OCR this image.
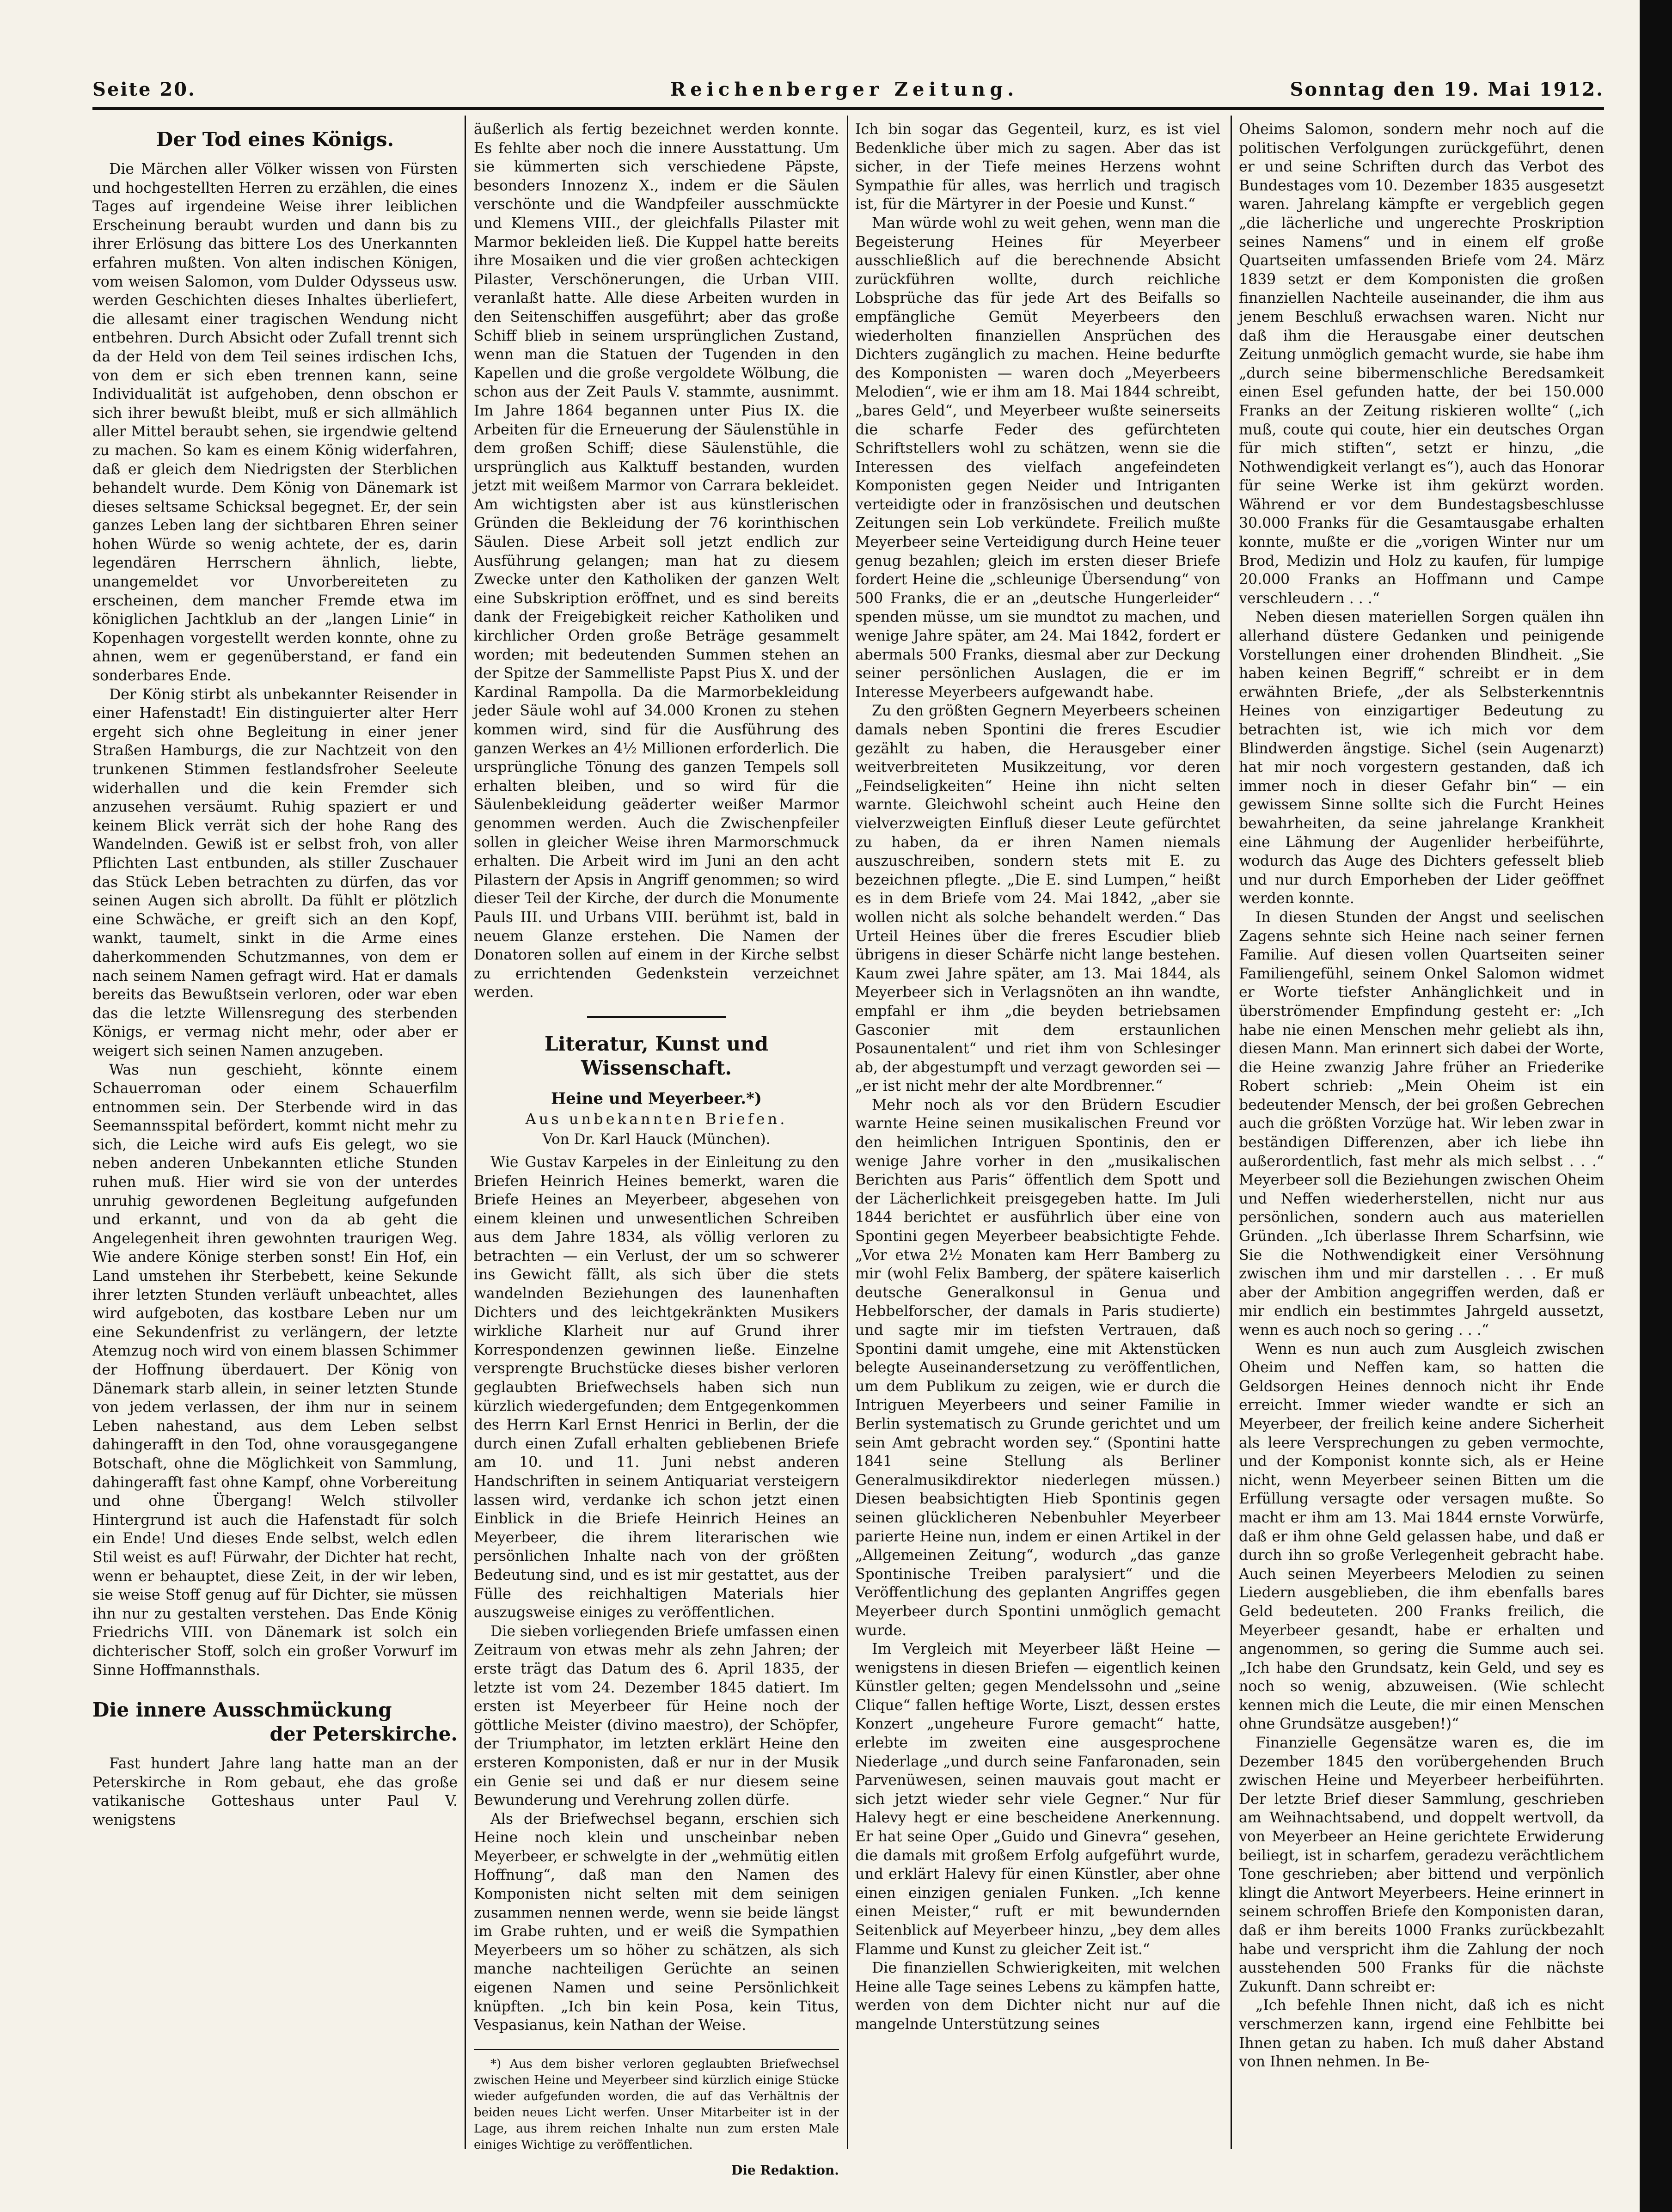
Seite 20.	Reichenberger Zeitung.	Sonntag den 19. Mai 1912.
Der Tod eines Königs.

Die Märchen aller Völker wissen von Fürsten und hochgestellten Herren zu erzählen, die eines Tages auf irgendeine Weise ihrer leiblichen Erscheinung beraubt wurden und dann bis zu ihrer Erlösung das bittere Los des Unerkannten erfahren mußten. Von alten indischen Königen, vom weisen Salomon, vom Dulder Odysseus usw. werden Geschichten dieses Inhaltes überliefert, die allesamt einer tragischen Wendung nicht entbehren. Durch Absicht oder Zufall trennt sich da der Held von dem Teil seines irdischen Ichs, von dem er sich eben trennen kann, seine Individualität ist aufgehoben, denn obschon er sich ihrer bewußt bleibt, muß er sich allmählich aller Mittel beraubt sehen, sie irgendwie geltend zu machen. So kam es einem König widerfahren, daß er gleich dem Niedrigsten der Sterblichen behandelt wurde. Dem König von Dänemark ist dieses seltsame Schicksal begegnet. Er, der sein ganzes Leben lang der sichtbaren Ehren seiner hohen Würde so wenig achtete, der es, darin legendären Herrschern ähnlich, liebte, unangemeldet vor Unvorbereiteten zu erscheinen, dem mancher Fremde etwa im königlichen Jachtklub an der „langen Linie“ in Kopenhagen vorgestellt werden konnte, ohne zu ahnen, wem er gegenüberstand, er fand ein sonderbares Ende.

Der König stirbt als unbekannter Reisender in einer Hafenstadt! Ein distinguierter alter Herr ergeht sich ohne Begleitung in einer jener Straßen Hamburgs, die zur Nachtzeit von den trunkenen Stimmen festlandsfroher Seeleute widerhallen und die kein Fremder sich anzusehen versäumt. Ruhig spaziert er und keinem Blick verrät sich der hohe Rang des Wandelnden. Gewiß ist er selbst froh, von aller Pflichten Last entbunden, als stiller Zuschauer das Stück Leben betrachten zu dürfen, das vor seinen Augen sich abrollt. Da fühlt er plötzlich eine Schwäche, er greift sich an den Kopf, wankt, taumelt, sinkt in die Arme eines daherkommenden Schutzmannes, von dem er nach seinem Namen gefragt wird. Hat er damals bereits das Bewußtsein verloren, oder war eben das die letzte Willensregung des sterbenden Königs, er vermag nicht mehr, oder aber er weigert sich seinen Namen anzugeben.

Was nun geschieht, könnte einem Schauerroman oder einem Schauerfilm entnommen sein. Der Sterbende wird in das Seemannsspital befördert, kommt nicht mehr zu sich, die Leiche wird aufs Eis gelegt, wo sie neben anderen Unbekannten etliche Stunden ruhen muß. Hier wird sie von der unterdes unruhig gewordenen Begleitung aufgefunden und erkannt, und von da ab geht die Angelegenheit ihren gewohnten traurigen Weg. Wie andere Könige sterben sonst! Ein Hof, ein Land umstehen ihr Sterbebett, keine Sekunde ihrer letzten Stunden verläuft unbeachtet, alles wird aufgeboten, das kostbare Leben nur um eine Sekundenfrist zu verlängern, der letzte Atemzug noch wird von einem blassen Schimmer der Hoffnung überdauert. Der König von Dänemark starb allein, in seiner letzten Stunde von jedem verlassen, der ihm nur in seinem Leben nahestand, aus dem Leben selbst dahingerafft in den Tod, ohne vorausgegangene Botschaft, ohne die Möglichkeit von Sammlung, dahingerafft fast ohne Kampf, ohne Vorbereitung und ohne Übergang! Welch stilvoller Hintergrund ist auch die Hafenstadt für solch ein Ende! Und dieses Ende selbst, welch edlen Stil weist es auf! Fürwahr, der Dichter hat recht, wenn er behauptet, diese Zeit, in der wir leben, sie weise Stoff genug auf für Dichter, sie müssen ihn nur zu gestalten verstehen. Das Ende König Friedrichs VIII. von Dänemark ist solch ein dichterischer Stoff, solch ein großer Vorwurf im Sinne Hoffmannsthals.

Die innere Ausschmückung
der Peterskirche.

Fast hundert Jahre lang hatte man an der Peterskirche in Rom gebaut, ehe das große vatikanische Gotteshaus unter Paul V. wenigstens

äußerlich als fertig bezeichnet werden konnte. Es fehlte aber noch die innere Ausstattung. Um sie kümmerten sich verschiedene Päpste, besonders Innozenz X., indem er die Säulen verschönte und die Wandpfeiler ausschmückte und Klemens VIII., der gleichfalls Pilaster mit Marmor bekleiden ließ. Die Kuppel hatte bereits ihre Mosaiken und die vier großen achteckigen Pilaster, Verschönerungen, die Urban VIII. veranlaßt hatte. Alle diese Arbeiten wurden in den Seitenschiffen ausgeführt; aber das große Schiff blieb in seinem ursprünglichen Zustand, wenn man die Statuen der Tugenden in den Kapellen und die große vergoldete Wölbung, die schon aus der Zeit Pauls V. stammte, ausnimmt. Im Jahre 1864 begannen unter Pius IX. die Arbeiten für die Erneuerung der Säulenstühle in dem großen Schiff; diese Säulenstühle, die ursprünglich aus Kalktuff bestanden, wurden jetzt mit weißem Marmor von Carrara bekleidet. Am wichtigsten aber ist aus künstlerischen Gründen die Bekleidung der 76 korinthischen Säulen. Diese Arbeit soll jetzt endlich zur Ausführung gelangen; man hat zu diesem Zwecke unter den Katholiken der ganzen Welt eine Subskription eröffnet, und es sind bereits dank der Freigebigkeit reicher Katholiken und kirchlicher Orden große Beträge gesammelt worden; mit bedeutenden Summen stehen an der Spitze der Sammelliste Papst Pius X. und der Kardinal Rampolla. Da die Marmorbekleidung jeder Säule wohl auf 34.000 Kronen zu stehen kommen wird, sind für die Ausführung des ganzen Werkes an 4½ Millionen erforderlich. Die ursprüngliche Tönung des ganzen Tempels soll erhalten bleiben, und so wird für die Säulenbekleidung geäderter weißer Marmor genommen werden. Auch die Zwischenpfeiler sollen in gleicher Weise ihren Marmorschmuck erhalten. Die Arbeit wird im Juni an den acht Pilastern der Apsis in Angriff genommen; so wird dieser Teil der Kirche, der durch die Monumente Pauls III. und Urbans VIII. berühmt ist, bald in neuem Glanze erstehen. Die Namen der Donatoren sollen auf einem in der Kirche selbst zu errichtenden Gedenkstein verzeichnet werden.

Literatur, Kunst und Wissenschaft.
Heine und Meyerbeer.*)
Aus unbekannten Briefen.
Von Dr. Karl Hauck (München).

Wie Gustav Karpeles in der Einleitung zu den Briefen Heinrich Heines bemerkt, waren die Briefe Heines an Meyerbeer, abgesehen von einem kleinen und unwesentlichen Schreiben aus dem Jahre 1834, als völlig verloren zu betrachten — ein Verlust, der um so schwerer ins Gewicht fällt, als sich über die stets wandelnden Beziehungen des launenhaften Dichters und des leichtgekränkten Musikers wirkliche Klarheit nur auf Grund ihrer Korrespondenzen gewinnen ließe. Einzelne versprengte Bruchstücke dieses bisher verloren geglaubten Briefwechsels haben sich nun kürzlich wiedergefunden; dem Entgegenkommen des Herrn Karl Ernst Henrici in Berlin, der die durch einen Zufall erhalten gebliebenen Briefe am 10. und 11. Juni nebst anderen Handschriften in seinem Antiquariat versteigern lassen wird, verdanke ich schon jetzt einen Einblick in die Briefe Heinrich Heines an Meyerbeer, die ihrem literarischen wie persönlichen Inhalte nach von der größten Bedeutung sind, und es ist mir gestattet, aus der Fülle des reichhaltigen Materials hier auszugsweise einiges zu veröffentlichen.

Die sieben vorliegenden Briefe umfassen einen Zeitraum von etwas mehr als zehn Jahren; der erste trägt das Datum des 6. April 1835, der letzte ist vom 24. Dezember 1845 datiert. Im ersten ist Meyerbeer für Heine noch der göttliche Meister (divino maestro), der Schöpfer, der Triumphator, im letzten erklärt Heine den ersteren Komponisten, daß er nur in der Musik ein Genie sei und daß er nur diesem seine Bewunderung und Verehrung zollen dürfe.

Als der Briefwechsel begann, erschien sich Heine noch klein und unscheinbar neben Meyerbeer, er schwelgte in der „wehmütig eitlen Hoffnung“, daß man den Namen des Komponisten nicht selten mit dem seinigen zusammen nennen werde, wenn sie beide längst im Grabe ruhten, und er weiß die Sympathien Meyerbeers um so höher zu schätzen, als sich manche nachteiligen Gerüchte an seinen eigenen Namen und seine Persönlichkeit knüpften. „Ich bin kein Posa, kein Titus, Vespasianus, kein Nathan der Weise.

*) Aus dem bisher verloren geglaubten Briefwechsel zwischen Heine und Meyerbeer sind kürzlich einige Stücke wieder aufgefunden worden, die auf das Verhältnis der beiden neues Licht werfen. Unser Mitarbeiter ist in der Lage, aus ihrem reichen Inhalte nun zum ersten Male einiges Wichtige zu veröffentlichen.

Die Redaktion.

Ich bin sogar das Gegenteil, kurz, es ist viel Bedenkliche über mich zu sagen. Aber das ist sicher, in der Tiefe meines Herzens wohnt Sympathie für alles, was herrlich und tragisch ist, für die Märtyrer in der Poesie und Kunst.“

Man würde wohl zu weit gehen, wenn man die Begeisterung Heines für Meyerbeer ausschließlich auf die berechnende Absicht zurückführen wollte, durch reichliche Lobsprüche das für jede Art des Beifalls so empfängliche Gemüt Meyerbeers den wiederholten finanziellen Ansprüchen des Dichters zugänglich zu machen. Heine bedurfte des Komponisten — waren doch „Meyerbeers Melodien“, wie er ihm am 18. Mai 1844 schreibt, „bares Geld“, und Meyerbeer wußte seinerseits die scharfe Feder des gefürchteten Schriftstellers wohl zu schätzen, wenn sie die Interessen des vielfach angefeindeten Komponisten gegen Neider und Intriganten verteidigte oder in französischen und deutschen Zeitungen sein Lob verkündete. Freilich mußte Meyerbeer seine Verteidigung durch Heine teuer genug bezahlen; gleich im ersten dieser Briefe fordert Heine die „schleunige Übersendung“ von 500 Franks, die er an „deutsche Hungerleider“ spenden müsse, um sie mundtot zu machen, und wenige Jahre später, am 24. Mai 1842, fordert er abermals 500 Franks, diesmal aber zur Deckung seiner persönlichen Auslagen, die er im Interesse Meyerbeers aufgewandt habe.

Zu den größten Gegnern Meyerbeers scheinen damals neben Spontini die freres Escudier gezählt zu haben, die Herausgeber einer weitverbreiteten Musikzeitung, vor deren „Feindseligkeiten“ Heine ihn nicht selten warnte. Gleichwohl scheint auch Heine den vielverzweigten Einfluß dieser Leute gefürchtet zu haben, da er ihren Namen niemals auszuschreiben, sondern stets mit E. zu bezeichnen pflegte. „Die E. sind Lumpen,“ heißt es in dem Briefe vom 24. Mai 1842, „aber sie wollen nicht als solche behandelt werden.“ Das Urteil Heines über die freres Escudier blieb übrigens in dieser Schärfe nicht lange bestehen. Kaum zwei Jahre später, am 13. Mai 1844, als Meyerbeer sich in Verlagsnöten an ihn wandte, empfahl er ihm „die beyden betriebsamen Gasconier mit dem erstaunlichen Posaunentalent“ und riet ihm von Schlesinger ab, der abgestumpft und verzagt geworden sei — „er ist nicht mehr der alte Mordbrenner.“

Mehr noch als vor den Brüdern Escudier warnte Heine seinen musikalischen Freund vor den heimlichen Intriguen Spontinis, den er wenige Jahre vorher in den „musikalischen Berichten aus Paris“ öffentlich dem Spott und der Lächerlichkeit preisgegeben hatte. Im Juli 1844 berichtet er ausführlich über eine von Spontini gegen Meyerbeer beabsichtigte Fehde. „Vor etwa 2½ Monaten kam Herr Bamberg zu mir (wohl Felix Bamberg, der spätere kaiserlich deutsche Generalkonsul in Genua und Hebbelforscher, der damals in Paris studierte) und sagte mir im tiefsten Vertrauen, daß Spontini damit umgehe, eine mit Aktenstücken belegte Auseinandersetzung zu veröffentlichen, um dem Publikum zu zeigen, wie er durch die Intriguen Meyerbeers und seiner Familie in Berlin systematisch zu Grunde gerichtet und um sein Amt gebracht worden sey.“ (Spontini hatte 1841 seine Stellung als Berliner Generalmusikdirektor niederlegen müssen.) Diesen beabsichtigten Hieb Spontinis gegen seinen glücklicheren Nebenbuhler Meyerbeer parierte Heine nun, indem er einen Artikel in der „Allgemeinen Zeitung“, wodurch „das ganze Spontinische Treiben paralysiert“ und die Veröffentlichung des geplanten Angriffes gegen Meyerbeer durch Spontini unmöglich gemacht wurde.

Im Vergleich mit Meyerbeer läßt Heine — wenigstens in diesen Briefen — eigentlich keinen Künstler gelten; gegen Mendelssohn und „seine Clique“ fallen heftige Worte, Liszt, dessen erstes Konzert „ungeheure Furore gemacht“ hatte, erlebte im zweiten eine ausgesprochene Niederlage „und durch seine Fanfaronaden, sein Parvenüwesen, seinen mauvais gout macht er sich jetzt wieder sehr viele Gegner.“ Nur für Halevy hegt er eine bescheidene Anerkennung. Er hat seine Oper „Guido und Ginevra“ gesehen, die damals mit großem Erfolg aufgeführt wurde, und erklärt Halevy für einen Künstler, aber ohne einen einzigen genialen Funken. „Ich kenne einen Meister,“ ruft er mit bewundernden Seitenblick auf Meyerbeer hinzu, „bey dem alles Flamme und Kunst zu gleicher Zeit ist.“

Die finanziellen Schwierigkeiten, mit welchen Heine alle Tage seines Lebens zu kämpfen hatte, werden von dem Dichter nicht nur auf die mangelnde Unterstützung seines

Oheims Salomon, sondern mehr noch auf die politischen Verfolgungen zurückgeführt, denen er und seine Schriften durch das Verbot des Bundestages vom 10. Dezember 1835 ausgesetzt waren. Jahrelang kämpfte er vergeblich gegen „die lächerliche und ungerechte Proskription seines Namens“ und in einem elf große Quartseiten umfassenden Briefe vom 24. März 1839 setzt er dem Komponisten die großen finanziellen Nachteile auseinander, die ihm aus jenem Beschluß erwachsen waren. Nicht nur daß ihm die Herausgabe einer deutschen Zeitung unmöglich gemacht wurde, sie habe ihm „durch seine bibermenschliche Beredsamkeit einen Esel gefunden hatte, der bei 150.000 Franks an der Zeitung riskieren wollte“ („ich muß, coute qui coute, hier ein deutsches Organ für mich stiften“, setzt er hinzu, „die Nothwendigkeit verlangt es“), auch das Honorar für seine Werke ist ihm gekürzt worden. Während er vor dem Bundestagsbeschlusse 30.000 Franks für die Gesamtausgabe erhalten konnte, mußte er die „vorigen Winter nur um Brod, Medizin und Holz zu kaufen, für lumpige 20.000 Franks an Hoffmann und Campe verschleudern . . .“

Neben diesen materiellen Sorgen quälen ihn allerhand düstere Gedanken und peinigende Vorstellungen einer drohenden Blindheit. „Sie haben keinen Begriff,“ schreibt er in dem erwähnten Briefe, „der als Selbsterkenntnis Heines von einzigartiger Bedeutung zu betrachten ist, wie ich mich vor dem Blindwerden ängstige. Sichel (sein Augenarzt) hat mir noch vorgestern gestanden, daß ich immer noch in dieser Gefahr bin“ — ein gewissem Sinne sollte sich die Furcht Heines bewahrheiten, da seine jahrelange Krankheit eine Lähmung der Augenlider herbeiführte, wodurch das Auge des Dichters gefesselt blieb und nur durch Emporheben der Lider geöffnet werden konnte.

In diesen Stunden der Angst und seelischen Zagens sehnte sich Heine nach seiner fernen Familie. Auf diesen vollen Quartseiten seiner Familiengefühl, seinem Onkel Salomon widmet er Worte tiefster Anhänglichkeit und in überströmender Empfindung gesteht er: „Ich habe nie einen Menschen mehr geliebt als ihn, diesen Mann. Man erinnert sich dabei der Worte, die Heine zwanzig Jahre früher an Friederike Robert schrieb: „Mein Oheim ist ein bedeutender Mensch, der bei großen Gebrechen auch die größten Vorzüge hat. Wir leben zwar in beständigen Differenzen, aber ich liebe ihn außerordentlich, fast mehr als mich selbst . . .“ Meyerbeer soll die Beziehungen zwischen Oheim und Neffen wiederherstellen, nicht nur aus persönlichen, sondern auch aus materiellen Gründen. „Ich überlasse Ihrem Scharfsinn, wie Sie die Nothwendigkeit einer Versöhnung zwischen ihm und mir darstellen . . . Er muß aber der Ambition angegriffen werden, daß er mir endlich ein bestimmtes Jahrgeld aussetzt, wenn es auch noch so gering . . .“

Wenn es nun auch zum Ausgleich zwischen Oheim und Neffen kam, so hatten die Geldsorgen Heines dennoch nicht ihr Ende erreicht. Immer wieder wandte er sich an Meyerbeer, der freilich keine andere Sicherheit als leere Versprechungen zu geben vermochte, und der Komponist konnte sich, als er Heine nicht, wenn Meyerbeer seinen Bitten um die Erfüllung versagte oder versagen mußte. So macht er ihm am 13. Mai 1844 ernste Vorwürfe, daß er ihm ohne Geld gelassen habe, und daß er durch ihn so große Verlegenheit gebracht habe. Auch seinen Meyerbeers Melodien zu seinen Liedern ausgeblieben, die ihm ebenfalls bares Geld bedeuteten. 200 Franks freilich, die Meyerbeer gesandt, habe er erhalten und angenommen, so gering die Summe auch sei. „Ich habe den Grundsatz, kein Geld, und sey es noch so wenig, abzuweisen. (Wie schlecht kennen mich die Leute, die mir einen Menschen ohne Grundsätze ausgeben!)“

Finanzielle Gegensätze waren es, die im Dezember 1845 den vorübergehenden Bruch zwischen Heine und Meyerbeer herbeiführten. Der letzte Brief dieser Sammlung, geschrieben am Weihnachtsabend, und doppelt wertvoll, da von Meyerbeer an Heine gerichtete Erwiderung beiliegt, ist in scharfem, geradezu verächtlichem Tone geschrieben; aber bittend und verpönlich klingt die Antwort Meyerbeers. Heine erinnert in seinem schroffen Briefe den Komponisten daran, daß er ihm bereits 1000 Franks zurückbezahlt habe und verspricht ihm die Zahlung der noch ausstehenden 500 Franks für die nächste Zukunft. Dann schreibt er:

„Ich befehle Ihnen nicht, daß ich es nicht verschmerzen kann, irgend eine Fehlbitte bei Ihnen getan zu haben. Ich muß daher Abstand von Ihnen nehmen. In Be-
